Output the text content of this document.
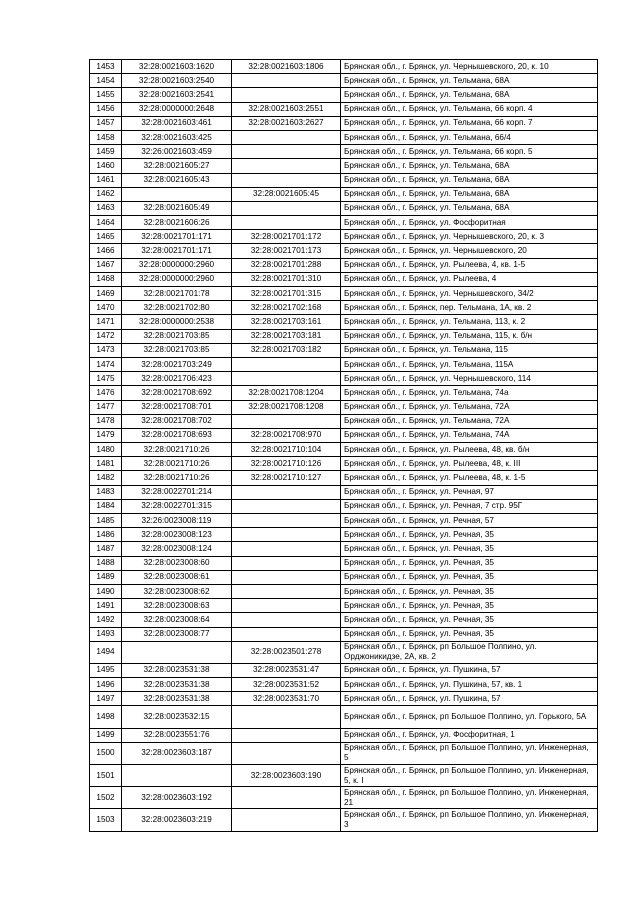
1453	32:28:0021603:1620	32:28:0021603:1806	Брянская обл., г. Брянск, ул. Чернышевского, 20, к. 10
1454	32:28:0021603:2540		Брянская обл., г. Брянск, ул. Тельмана, 68А
1455	32:28:0021603:2541		Брянская обл., г. Брянск, ул. Тельмана, 68А
1456	32:28:0000000:2648	32:28:0021603:2551	Брянская обл., г. Брянск, ул. Тельмана, 66 корп. 4
1457	32:28:0021603:461	32:28:0021603:2627	Брянская обл., г. Брянск, ул. Тельмана, 66 корп. 7
1458	32:28:0021603:425		Брянская обл., г. Брянск, ул. Тельмана, 66/4
1459	32:26:0021603:459		Брянская обл., г. Брянск, ул. Тельмана, 66 корп. 5
1460	32:28:0021605:27		Брянская обл., г. Брянск, ул. Тельмана, 68А
1461	32:28:0021605:43		Брянская обл., г. Брянск, ул. Тельмана, 68А
1462		32:28:0021605:45	Брянская обл., г. Брянск, ул. Тельмана, 68А
1463	32:28:0021605:49		Брянская обл., г. Брянск, ул. Тельмана, 68А
1464	32:28:0021606:26		Брянская обл., г. Брянск, ул. Фосфоритная
1465	32:28:0021701:171	32:28:0021701:172	Брянская обл., г. Брянск, ул. Чернышевского, 20, к. 3
1466	32:28:0021701:171	32:28:0021701:173	Брянская обл., г. Брянск, ул. Чернышевского, 20
1467	32:28:0000000:2960	32:28:0021701:288	Брянская обл., г. Брянск, ул. Рылеева, 4, кв. 1-5
1468	32:28:0000000:2960	32:28:0021701:310	Брянская обл., г. Брянск, ул. Рылеева, 4
1469	32:28:0021701:78	32:28:0021701:315	Брянская обл., г. Брянск, ул. Чернышевского, 34/2
1470	32:28:0021702:80	32:28:0021702:168	Брянская обл., г. Брянск, пер. Тельмана, 1А, кв. 2
1471	32:28:0000000:2538	32:28:0021703:161	Брянская обл., г. Брянск, ул. Тельмана, 113, к. 2
1472	32:28:0021703:85	32:28:0021703:181	Брянская обл., г. Брянск, ул. Тельмана, 115, к. б/н
1473	32:28:0021703:85	32:28:0021703:182	Брянская обл., г. Брянск, ул. Тельмана, 115
1474	32:28:0021703:249		Брянская обл., г. Брянск, ул. Тельмана, 115А
1475	32:28:0021706:423		Брянская обл., г. Брянск, ул. Чернышевского, 114
1476	32:28:0021708:692	32:28:0021708:1204	Брянская обл., г. Брянск, ул. Тельмана, 74а
1477	32:28:0021708:701	32:28:0021708:1208	Брянская обл., г. Брянск, ул. Тельмана, 72А
1478	32:28:0021708:702		Брянская обл., г. Брянск, ул. Тельмана, 72А
1479	32:28:0021708:693	32:28:0021708:970	Брянская обл., г. Брянск, ул. Тельмана, 74А
1480	32:28:0021710:26	32:28:0021710:104	Брянская обл., г. Брянск, ул. Рылеева, 48, кв. б/н
1481	32:28:0021710:26	32:28:0021710:126	Брянская обл., г. Брянск, ул. Рылеева, 48, к. III
1482	32:28:0021710:26	32:28:0021710:127	Брянская обл., г. Брянск, ул. Рылеева, 48, к. 1-5
1483	32:28:0022701:214		Брянская обл., г. Брянск, ул. Речная, 97
1484	32:28:0022701:315		Брянская обл., г. Брянск, ул. Речная, 7 стр. 95Г
1485	32:26:0023008:119		Брянская обл., г. Брянск, ул. Речная, 57
1486	32:28:0023008:123		Брянская обл., г. Брянск, ул. Речная, 35
1487	32:28:0023008:124		Брянская обл., г. Брянск, ул. Речная, 35
1488	32:28:0023008:60		Брянская обл., г. Брянск, ул. Речная, 35
1489	32:28:0023008:61		Брянская обл., г. Брянск, ул. Речная, 35
1490	32:28:0023008:62		Брянская обл., г. Брянск, ул. Речная, 35
1491	32:28:0023008:63		Брянская обл., г. Брянск, ул. Речная, 35
1492	32:28:0023008:64		Брянская обл., г. Брянск, ул. Речная, 35
1493	32:28:0023008:77		Брянская обл., г. Брянск, ул. Речная, 35
1494		32:28:0023501:278	Брянская обл., г. Брянск, рп Большое Полпино, ул. Орджоникидзе, 2А, кв. 2
1495	32:28:0023531:38	32:28:0023531:47	Брянская обл., г. Брянск, ул. Пушкина, 57
1496	32:28:0023531:38	32:28:0023531:52	Брянская обл., г. Брянск, ул. Пушкина, 57, кв. 1
1497	32:28:0023531:38	32:28:0023531:70	Брянская обл., г. Брянск, ул. Пушкина, 57
1498	32:28:0023532:15		Брянская обл., г. Брянск, рп Большое Полпино, ул. Горького, 5А
1499	32:28:0023551:76		Брянская обл., г. Брянск, ул. Фосфоритная, 1
1500	32:28:0023603:187		Брянская обл., г. Брянск, рп Большое Полпино, ул. Инженерная, 5
1501		32:28:0023603:190	Брянская обл., г. Брянск, рп Большое Полпино, ул. Инженерная, 5, к. I
1502	32:28:0023603:192		Брянская обл., г. Брянск, рп Большое Полпино, ул. Инженерная, 21
1503	32:28:0023603:219		Брянская обл., г. Брянск, рп Большое Полпино, ул. Инженерная, 3
